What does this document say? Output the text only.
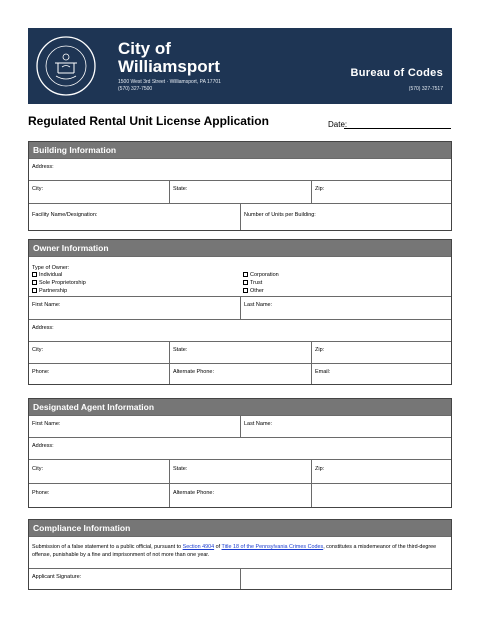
City of
Williamsport
1500 West 3rd Street · Williamsport, PA 17701
(570) 327-7500
Bureau of Codes
(570) 327-7517
Regulated Rental Unit License Application	Date:
Building Information
Address:
City:	State:	Zip:
Facility Name/Designation:	Number of Units per Building:
Owner Information
Type of Owner:
Individual
Sole Proprietorship
Partnership
Corporation
Trust
Other
First Name:	Last Name:
Address:
City:	State:	Zip:
Phone:	Alternate Phone:	Email:
Designated Agent Information
First Name:	Last Name:
Address:
City:	State:	Zip:
Phone:	Alternate Phone:
Compliance Information
Submission of a false statement to a public official, pursuant to Section 4904 of Title 18 of the Pennsylvania Crimes Codes, constitutes a misdemeanor of the third-degree offense, punishable by a fine and imprisonment of not more than one year.
Applicant Signature:
